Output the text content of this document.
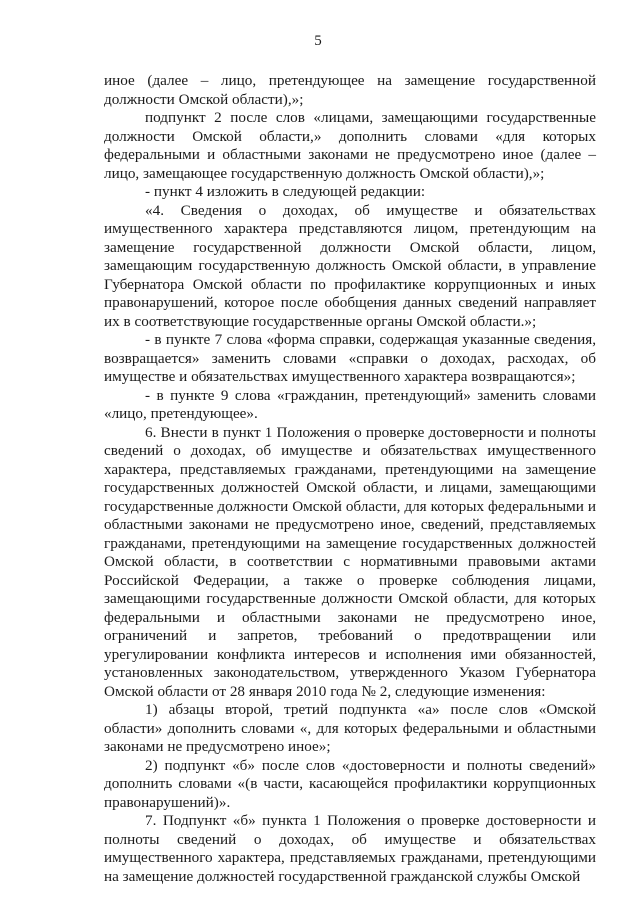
5

иное (далее – лицо, претендующее на замещение государственной должности Омской области),»;

подпункт 2 после слов «лицами, замещающими государственные должности Омской области,» дополнить словами «для которых федеральными и областными законами не предусмотрено иное (далее – лицо, замещающее государственную должность Омской области),»;

- пункт 4 изложить в следующей редакции:

«4. Сведения о доходах, об имуществе и обязательствах имущественного характера представляются лицом, претендующим на замещение государственной должности Омской области, лицом, замещающим государственную должность Омской области, в управление Губернатора Омской области по профилактике коррупционных и иных правонарушений, которое после обобщения данных сведений направляет их в соответствующие государственные органы Омской области.»;

- в пункте 7 слова «форма справки, содержащая указанные сведения, возвращается» заменить словами «справки о доходах, расходах, об имуществе и обязательствах имущественного характера возвращаются»;

- в пункте 9 слова «гражданин, претендующий» заменить словами «лицо, претендующее».

6. Внести в пункт 1 Положения о проверке достоверности и полноты сведений о доходах, об имуществе и обязательствах имущественного характера, представляемых гражданами, претендующими на замещение государственных должностей Омской области, и лицами, замещающими государственные должности Омской области, для которых федеральными и областными законами не предусмотрено иное, сведений, представляемых гражданами, претендующими на замещение государственных должностей Омской области, в соответствии с нормативными правовыми актами Российской Федерации, а также о проверке соблюдения лицами, замещающими государственные должности Омской области, для которых федеральными и областными законами не предусмотрено иное, ограничений и запретов, требований о предотвращении или урегулировании конфликта интересов и исполнения ими обязанностей, установленных законодательством, утвержденного Указом Губернатора Омской области от 28 января 2010 года № 2, следующие изменения:

1) абзацы второй, третий подпункта «а» после слов «Омской области» дополнить словами «, для которых федеральными и областными законами не предусмотрено иное»;

2) подпункт «б» после слов «достоверности и полноты сведений» дополнить словами «(в части, касающейся профилактики коррупционных правонарушений)».

7. Подпункт «б» пункта 1 Положения о проверке достоверности и полноты сведений о доходах, об имуществе и обязательствах имущественного характера, представляемых гражданами, претендующими на замещение должностей государственной гражданской службы Омской
